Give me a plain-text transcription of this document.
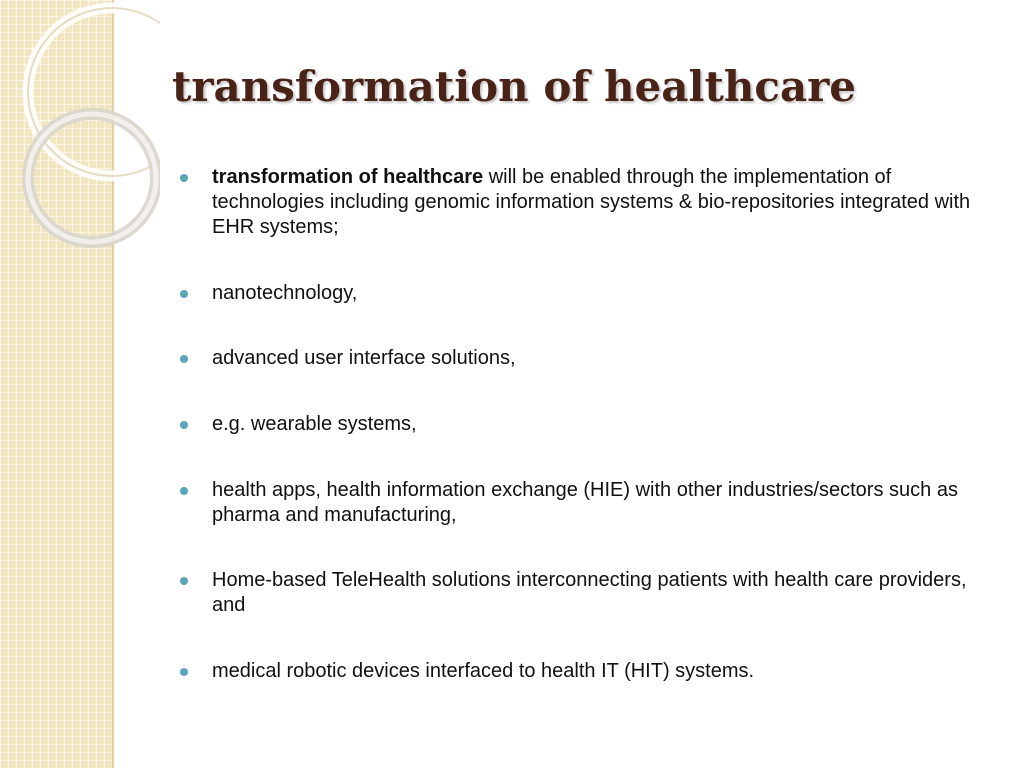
transformation of healthcare
transformation of healthcare will be enabled through the implementation of technologies including genomic information systems & bio-repositories integrated with EHR systems;
nanotechnology,
advanced user interface solutions,
e.g. wearable systems,
health apps, health information exchange (HIE) with other industries/sectors such as pharma and manufacturing,
Home-based TeleHealth solutions interconnecting patients with health care providers, and
medical robotic devices interfaced to health IT (HIT) systems.
